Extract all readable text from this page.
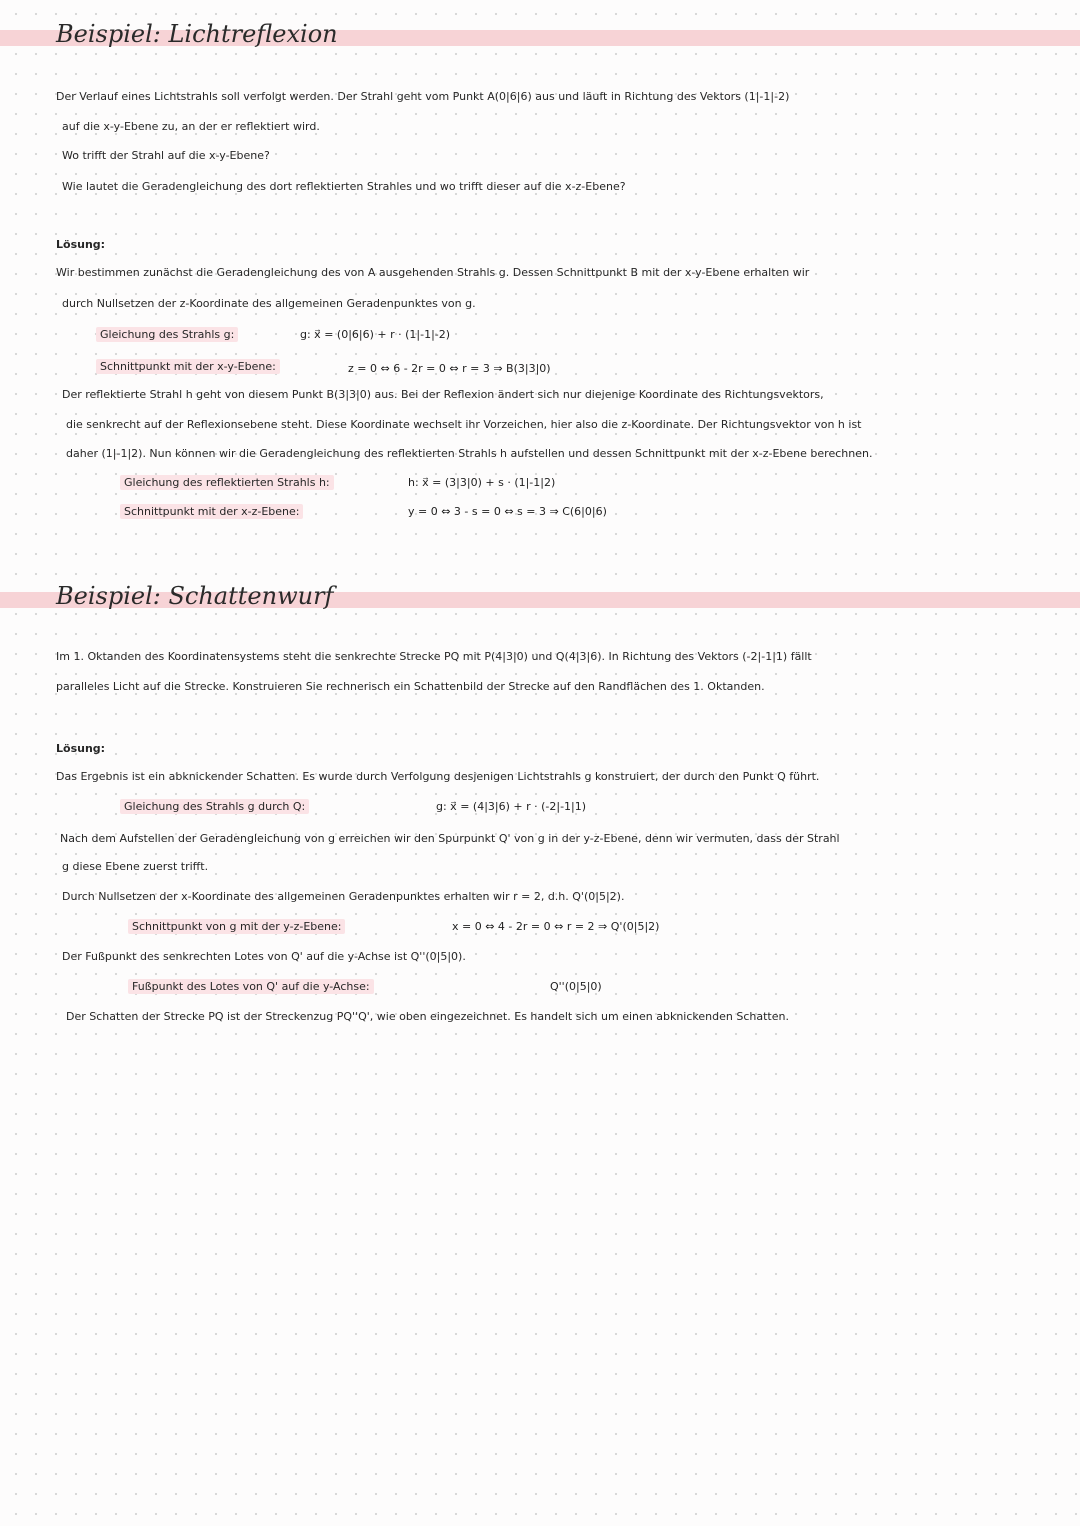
Beispiel: Lichtreflexion
Der Verlauf eines Lichtstrahls soll verfolgt werden. Der Strahl geht vom Punkt A(0|6|6) aus und läuft in Richtung des Vektors (1|-1|-2)
auf die x-y-Ebene zu, an der er reflektiert wird.
Wo trifft der Strahl auf die x-y-Ebene?
Wie lautet die Geradengleichung des dort reflektierten Strahles und wo trifft dieser auf die x-z-Ebene?
Lösung:
Wir bestimmen zunächst die Geradengleichung des von A ausgehenden Strahls g. Dessen Schnittpunkt B mit der x-y-Ebene erhalten wir
durch Nullsetzen der z-Koordinate des allgemeinen Geradenpunktes von g.
Gleichung des Strahls g:	g: x⃗ = (0|6|6) + r · (1|-1|-2)
Schnittpunkt mit der x-y-Ebene:	z = 0 ⇔ 6 - 2r = 0 ⇔ r = 3 ⇒ B(3|3|0)
Der reflektierte Strahl h geht von diesem Punkt B(3|3|0) aus. Bei der Reflexion ändert sich nur diejenige Koordinate des Richtungsvektors,
die senkrecht auf der Reflexionsebene steht. Diese Koordinate wechselt ihr Vorzeichen, hier also die z-Koordinate. Der Richtungsvektor von h ist
daher (1|-1|2). Nun können wir die Geradengleichung des reflektierten Strahls h aufstellen und dessen Schnittpunkt mit der x-z-Ebene berechnen.
Gleichung des reflektierten Strahls h:	h: x⃗ = (3|3|0) + s · (1|-1|2)
Schnittpunkt mit der x-z-Ebene:	y = 0 ⇔ 3 - s = 0 ⇔ s = 3 ⇒ C(6|0|6)
Beispiel: Schattenwurf
Im 1. Oktanden des Koordinatensystems steht die senkrechte Strecke PQ mit P(4|3|0) und Q(4|3|6). In Richtung des Vektors (-2|-1|1) fällt
paralleles Licht auf die Strecke. Konstruieren Sie rechnerisch ein Schattenbild der Strecke auf den Randflächen des 1. Oktanden.
Lösung:
Das Ergebnis ist ein abknickender Schatten. Es wurde durch Verfolgung desjenigen Lichtstrahls g konstruiert, der durch den Punkt Q führt.
Gleichung des Strahls g durch Q:	g: x⃗ = (4|3|6) + r · (-2|-1|1)
Nach dem Aufstellen der Geradengleichung von g erreichen wir den Spurpunkt Q' von g in der y-z-Ebene, denn wir vermuten, dass der Strahl
g diese Ebene zuerst trifft.
Durch Nullsetzen der x-Koordinate des allgemeinen Geradenpunktes erhalten wir r = 2, d.h. Q'(0|5|2).
Schnittpunkt von g mit der y-z-Ebene:	x = 0 ⇔ 4 - 2r = 0 ⇔ r = 2 ⇒ Q'(0|5|2)
Der Fußpunkt des senkrechten Lotes von Q' auf die y-Achse ist Q''(0|5|0).
Fußpunkt des Lotes von Q' auf die y-Achse:	Q''(0|5|0)
Der Schatten der Strecke PQ ist der Streckenzug PQ''Q', wie oben eingezeichnet. Es handelt sich um einen abknickenden Schatten.
